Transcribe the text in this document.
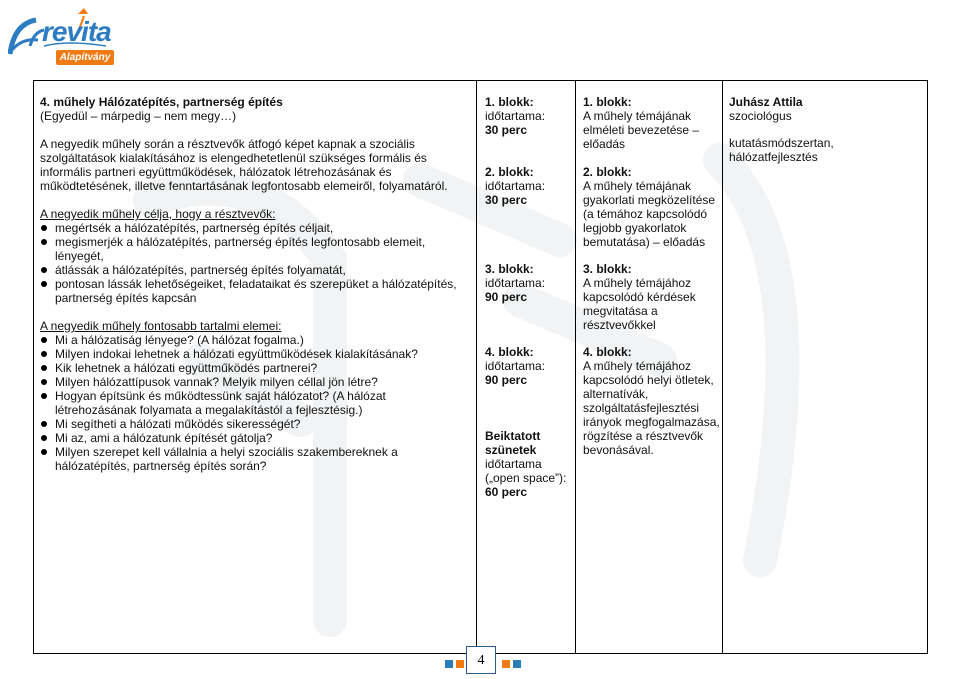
revita
Alapítvány

4. műhely Hálózatépítés, partnerség építés

(Egyedül – márpedig – nem megy…)

A negyedik műhely során a résztvevők átfogó képet kapnak a szociális szolgáltatások kialakításához is elengedhetetlenül szükséges formális és informális partneri együttműködések, hálózatok létrehozásának és működtetésének, illetve fenntartásának legfontosabb elemeiről, folyamatáról.

A negyedik műhely célja, hogy a résztvevők:

megértsék a hálózatépítés, partnerség építés céljait,
megismerjék a hálózatépítés, partnerség építés legfontosabb elemeit, lényegét,
átlássák a hálózatépítés, partnerség építés folyamatát,
pontosan lássák lehetőségeiket, feladataikat és szerepüket a hálózatépítés, partnerség építés kapcsán

A negyedik műhely fontosabb tartalmi elemei:

Mi a hálózatiság lényege? (A hálózat fogalma.)
Milyen indokai lehetnek a hálózati együttműködések kialakításának?
Kik lehetnek a hálózati együttműködés partnerei?
Milyen hálózattípusok vannak? Melyik milyen céllal jön létre?
Hogyan építsünk és működtessünk saját hálózatot? (A hálózat létrehozásának folyamata a megalakítástól a fejlesztésig.)
Mi segítheti a hálózati működés sikerességét?
Mi az, ami a hálózatunk építését gátolja?
Milyen szerepet kell vállalnia a helyi szociális szakembereknek a hálózatépítés, partnerség építés során?
1. blokk:
időtartama:
30 perc
2. blokk:
időtartama:
30 perc
3. blokk:
időtartama:
90 perc
4. blokk:
időtartama:
90 perc
Beiktatott
szünetek
időtartama
(„open space”):
60 perc
1. blokk:
A műhely témájának
elméleti bevezetése –
előadás
2. blokk:
A műhely témájának
gyakorlati megközelítése
(a témához kapcsolódó
legjobb gyakorlatok
bemutatása) – előadás
3. blokk:
A műhely témájához
kapcsolódó kérdések
megvitatása a
résztvevőkkel
4. blokk:
A műhely témájához
kapcsolódó helyi ötletek,
alternatívák,
szolgáltatásfejlesztési
irányok megfogalmazása,
rögzítése a résztvevők
bevonásával.
Juhász Attila
szociológus
kutatásmódszertan, hálózatfejlesztés
4
